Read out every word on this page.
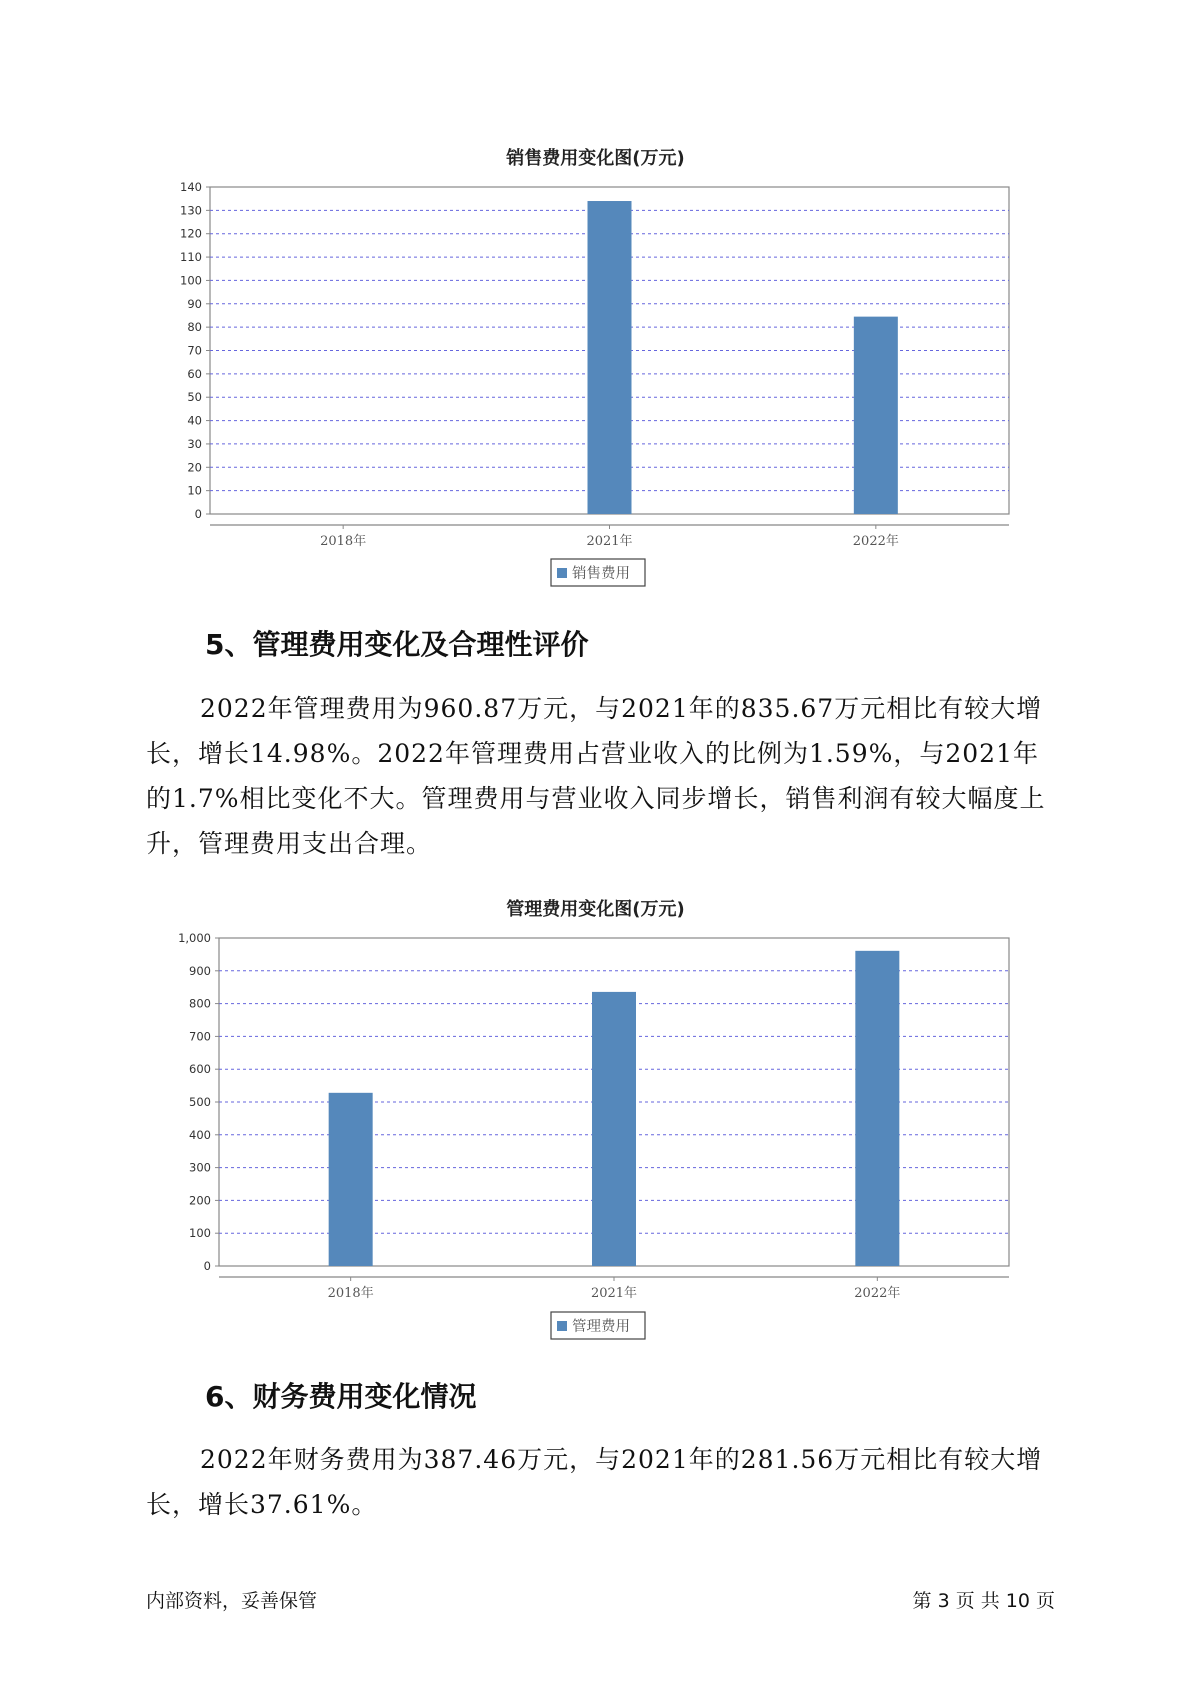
销售费用变化图(万元)
0
10
20
30
40
50
60
70
80
90
100
110
120
130
140
2018年	2021年	2022年
销售费用
5、管理费用变化及合理性评价

2022年管理费用为960.87万元，与2021年的835.67万元相比有较大增长，增长14.98%。2022年管理费用占营业收入的比例为1.59%，与2021年的1.7%相比变化不大。管理费用与营业收入同步增长，销售利润有较大幅度上升，管理费用支出合理。

管理费用变化图(万元)
0
100
200
300
400
500
600
700
800
900
1,000
2018年	2021年	2022年
管理费用
6、财务费用变化情况

2022年财务费用为387.46万元，与2021年的281.56万元相比有较大增长，增长37.61%。

内部资料，妥善保管	第 3 页 共 10 页
